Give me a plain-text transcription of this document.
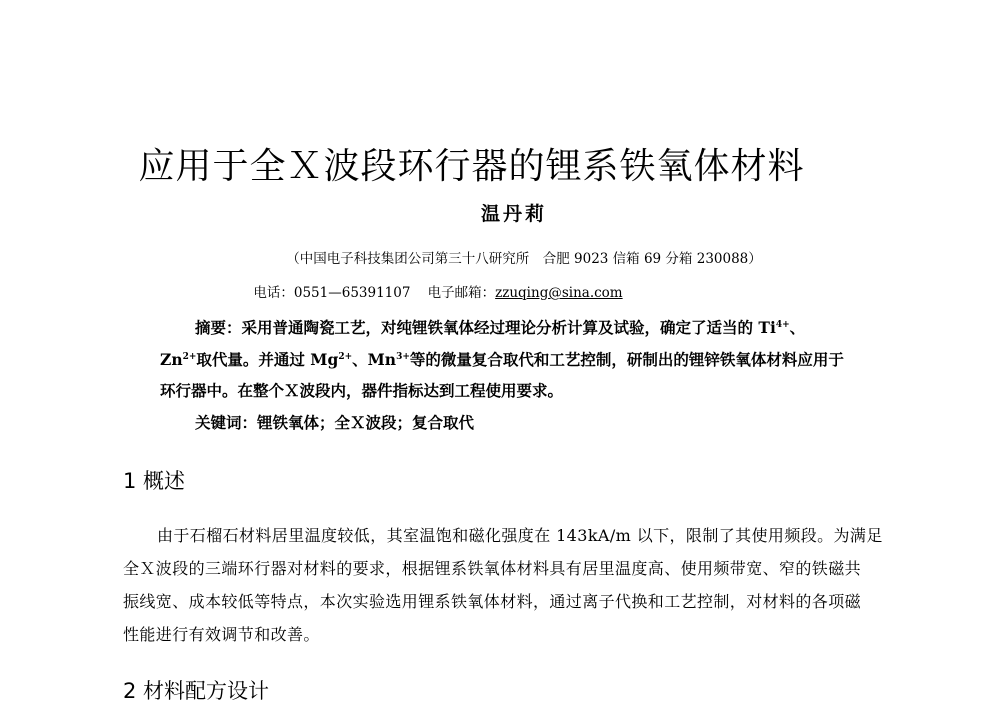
应用于全Ｘ波段环行器的锂系铁氧体材料
温丹莉
（中国电子科技集团公司第三十八研究所　合肥 9023 信箱 69 分箱 230088）
电话：0551—65391107 电子邮箱：zzuqing@sina.com
摘要：采用普通陶瓷工艺，对纯锂铁氧体经过理论分析计算及试验，确定了适当的 $Ti^{4+}$、
$Zn^{2+}$取代量。并通过 $Mg^{2+}$、$Mn^{3+}$等的微量复合取代和工艺控制，研制出的锂锌铁氧体材料应用于
环行器中。在整个Ｘ波段内，器件指标达到工程使用要求。
关键词：锂铁氧体；全Ｘ波段；复合取代
1 概述
由于石榴石材料居里温度较低，其室温饱和磁化强度在 143kA/m 以下，限制了其使用频段。为满足
全Ｘ波段的三端环行器对材料的要求，根据锂系铁氧体材料具有居里温度高、使用频带宽、窄的铁磁共
振线宽、成本较低等特点，本次实验选用锂系铁氧体材料，通过离子代换和工艺控制，对材料的各项磁
性能进行有效调节和改善。
2 材料配方设计
